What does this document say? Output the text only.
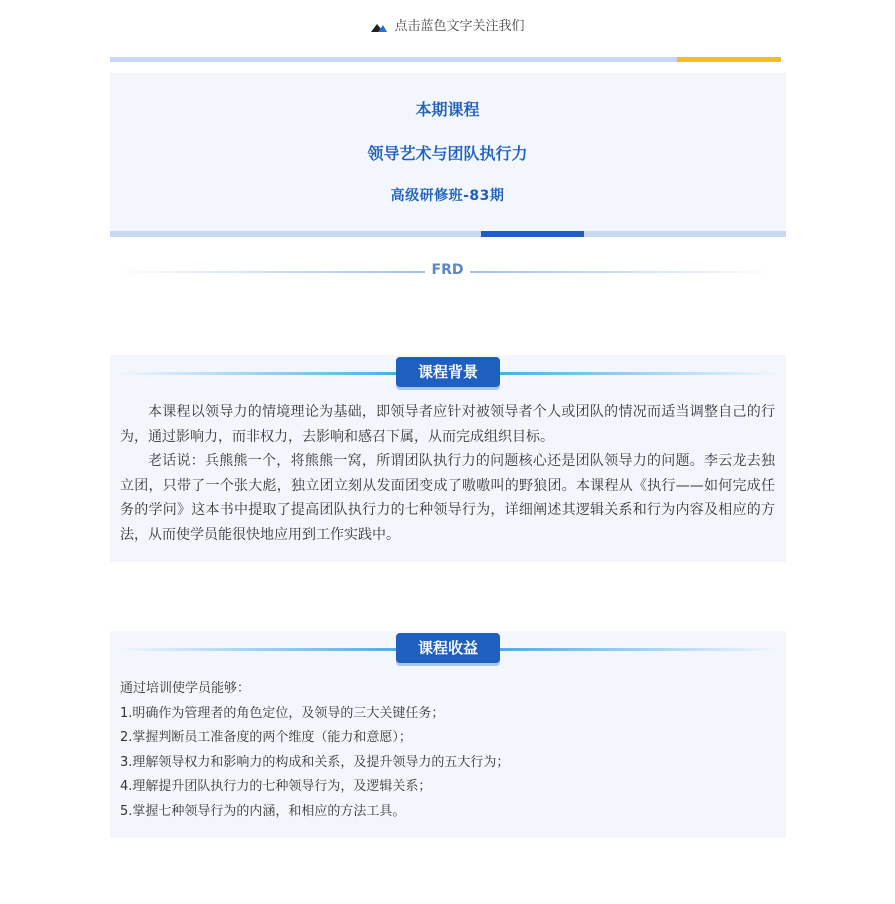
点击蓝色文字关注我们
本期课程
领导艺术与团队执行力
高级研修班-83期
FRD
课程背景

本课程以领导力的情境理论为基础，即领导者应针对被领导者个人或团队的情况而适当调整自己的行为，通过影响力，而非权力，去影响和感召下属，从而完成组织目标。

老话说：兵熊熊一个，将熊熊一窝，所谓团队执行力的问题核心还是团队领导力的问题。李云龙去独立团，只带了一个张大彪，独立团立刻从发面团变成了嗷嗷叫的野狼团。本课程从《执行——如何完成任务的学问》这本书中提取了提高团队执行力的七种领导行为，详细阐述其逻辑关系和行为内容及相应的方法，从而使学员能很快地应用到工作实践中。

课程收益
通过培训使学员能够：
1.明确作为管理者的角色定位，及领导的三大关键任务；
2.掌握判断员工准备度的两个维度（能力和意愿）；
3.理解领导权力和影响力的构成和关系，及提升领导力的五大行为；
4.理解提升团队执行力的七种领导行为，及逻辑关系；
5.掌握七种领导行为的内涵，和相应的方法工具。
